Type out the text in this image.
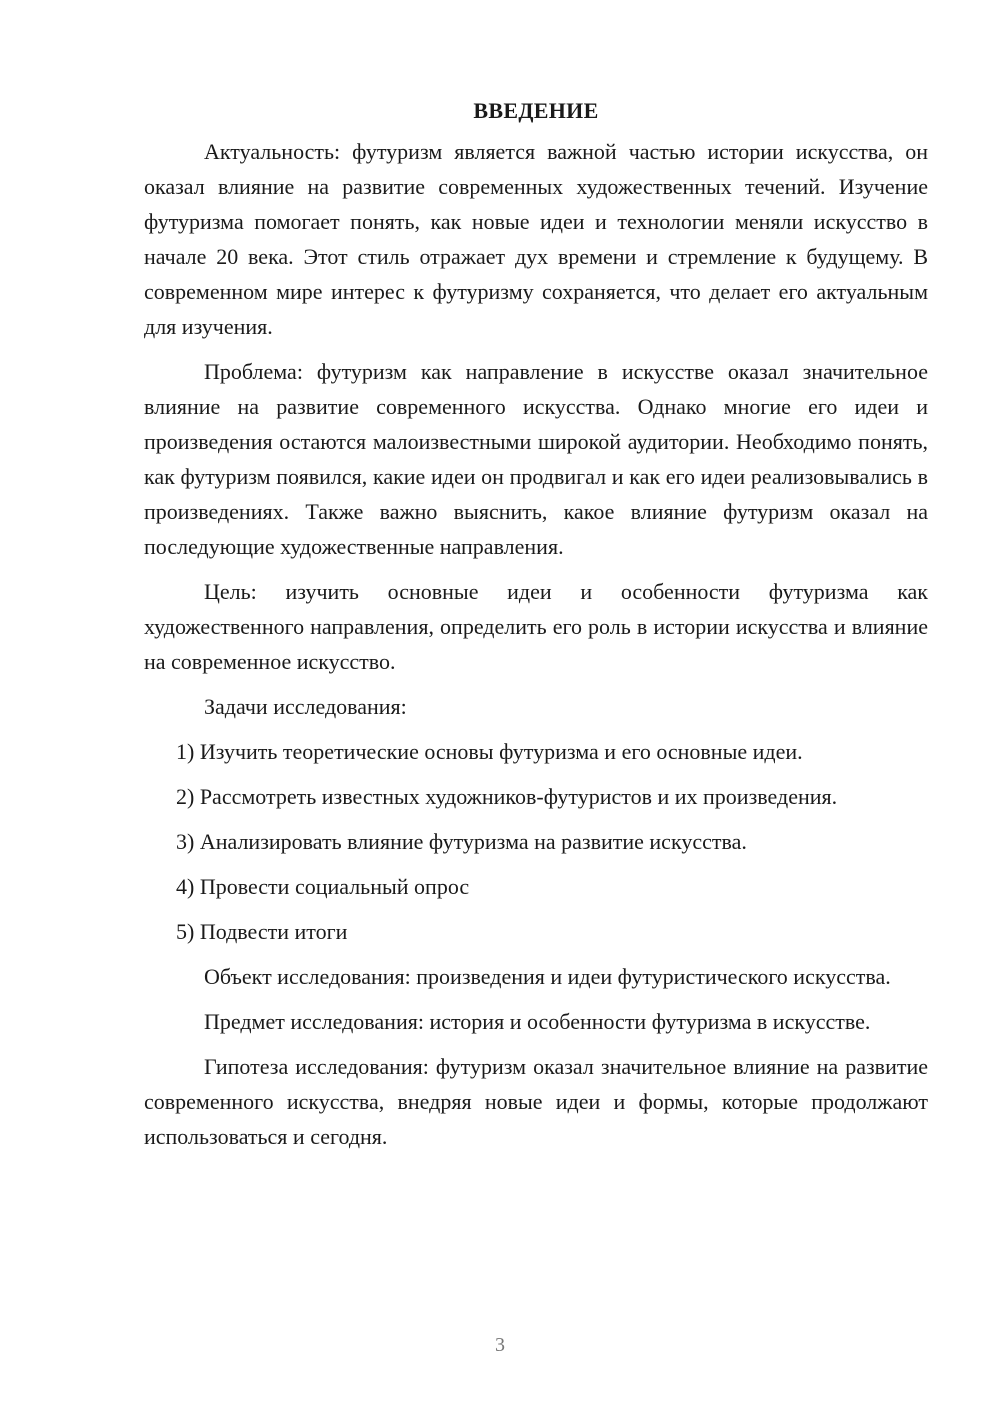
ВВЕДЕНИЕ

Актуальность: футуризм является важной частью истории искусства, он оказал влияние на развитие современных художественных течений. Изучение футуризма помогает понять, как новые идеи и технологии меняли искусство в начале 20 века. Этот стиль отражает дух времени и стремление к будущему. В современном мире интерес к футуризму сохраняется, что делает его актуальным для изучения.

Проблема: футуризм как направление в искусстве оказал значительное влияние на развитие современного искусства. Однако многие его идеи и произведения остаются малоизвестными широкой аудитории. Необходимо понять, как футуризм появился, какие идеи он продвигал и как его идеи реализовывались в произведениях. Также важно выяснить, какое влияние футуризм оказал на последующие художественные направления.

Цель: изучить основные идеи и особенности футуризма как художественного направления, определить его роль в истории искусства и влияние на современное искусство.

Задачи исследования:

1) Изучить теоретические основы футуризма и его основные идеи.
2) Рассмотреть известных художников-футуристов и их произведения.
3) Анализировать влияние футуризма на развитие искусства.
4) Провести социальный опрос
5) Подвести итоги

Объект исследования: произведения и идеи футуристического искусства.

Предмет исследования: история и особенности футуризма в искусстве.

Гипотеза исследования: футуризм оказал значительное влияние на развитие современного искусства, внедряя новые идеи и формы, которые продолжают использоваться и сегодня.

3
